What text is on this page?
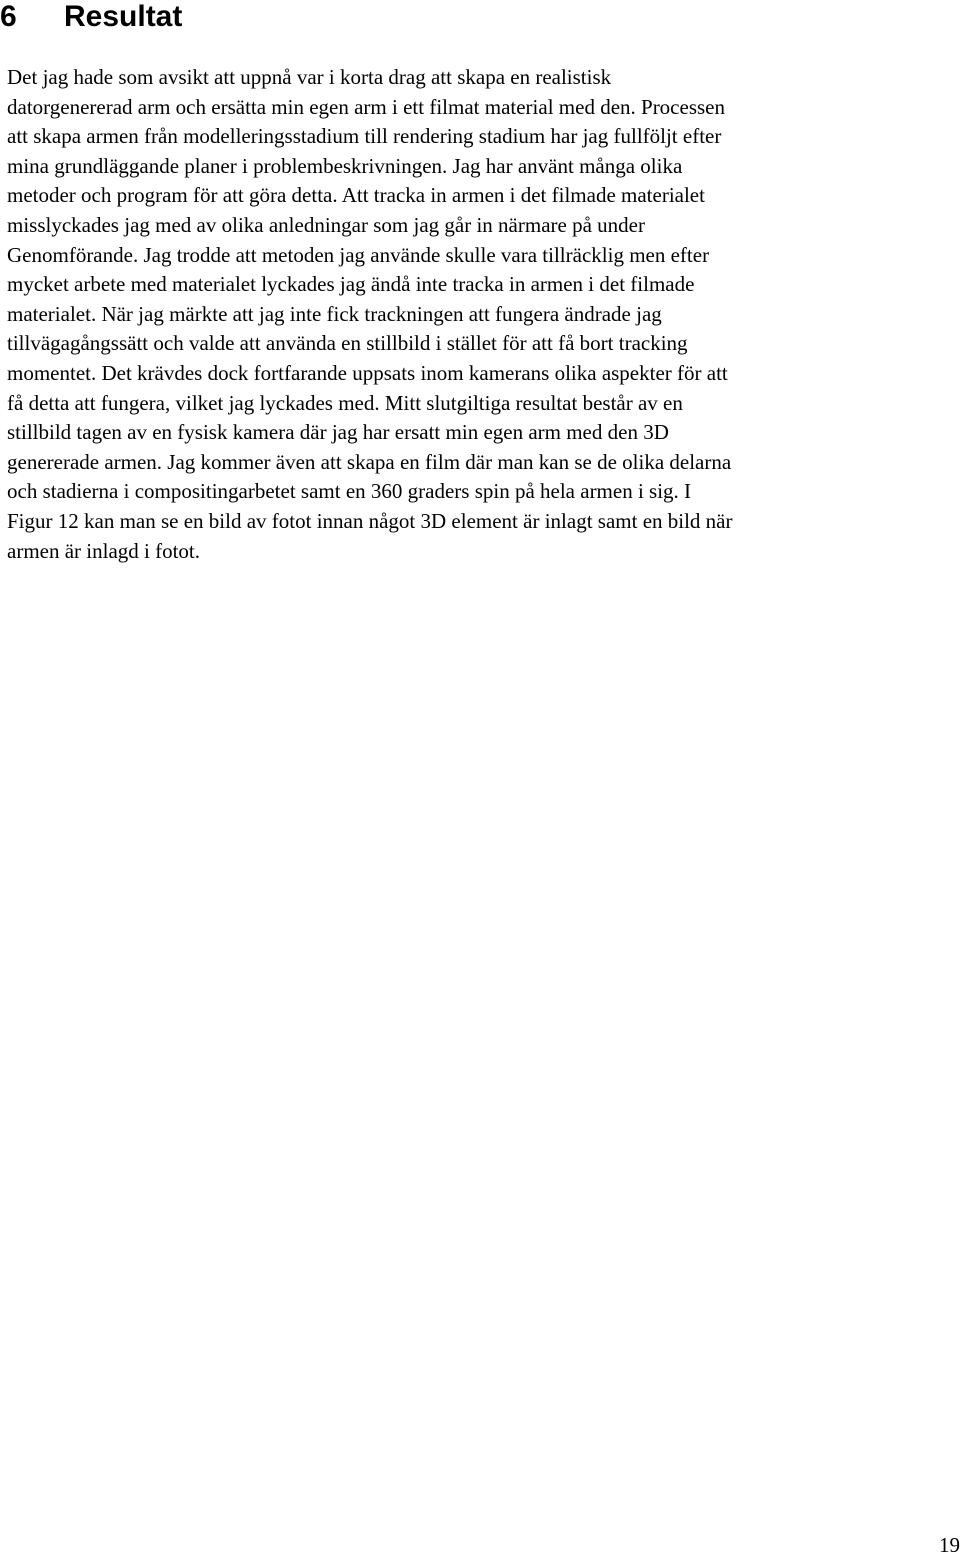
6 Resultat

Det jag hade som avsikt att uppnå var i korta drag att skapa en realistisk
datorgenererad arm och ersätta min egen arm i ett filmat material med den. Processen
att skapa armen från modelleringsstadium till rendering stadium har jag fullföljt efter
mina grundläggande planer i problembeskrivningen. Jag har använt många olika
metoder och program för att göra detta. Att tracka in armen i det filmade materialet
misslyckades jag med av olika anledningar som jag går in närmare på under
Genomförande. Jag trodde att metoden jag använde skulle vara tillräcklig men efter
mycket arbete med materialet lyckades jag ändå inte tracka in armen i det filmade
materialet. När jag märkte att jag inte fick trackningen att fungera ändrade jag
tillvägagångssätt och valde att använda en stillbild i stället för att få bort tracking
momentet. Det krävdes dock fortfarande uppsats inom kamerans olika aspekter för att
få detta att fungera, vilket jag lyckades med. Mitt slutgiltiga resultat består av en
stillbild tagen av en fysisk kamera där jag har ersatt min egen arm med den 3D
genererade armen. Jag kommer även att skapa en film där man kan se de olika delarna
och stadierna i compositingarbetet samt en 360 graders spin på hela armen i sig. I
Figur 12 kan man se en bild av fotot innan något 3D element är inlagt samt en bild när
armen är inlagd i fotot.

19
